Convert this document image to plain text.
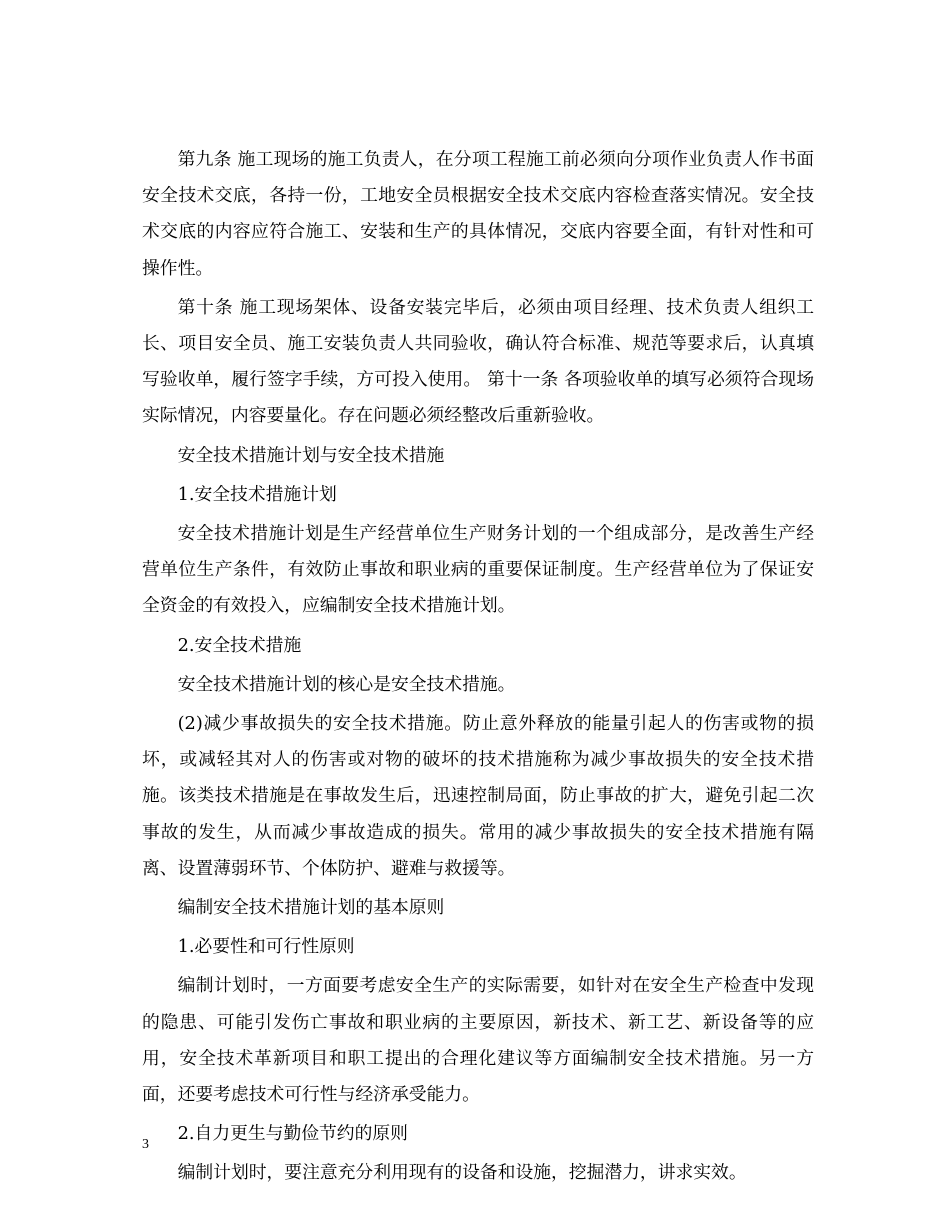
第九条 施工现场的施工负责人，在分项工程施工前必须向分项作业负责人作书面安全技术交底，各持一份，工地安全员根据安全技术交底内容检查落实情况。安全技术交底的内容应符合施工、安装和生产的具体情况，交底内容要全面，有针对性和可操作性。

第十条 施工现场架体、设备安装完毕后，必须由项目经理、技术负责人组织工长、项目安全员、施工安装负责人共同验收，确认符合标准、规范等要求后，认真填写验收单，履行签字手续，方可投入使用。 第十一条 各项验收单的填写必须符合现场实际情况，内容要量化。存在问题必须经整改后重新验收。

安全技术措施计划与安全技术措施

1.安全技术措施计划

安全技术措施计划是生产经营单位生产财务计划的一个组成部分，是改善生产经营单位生产条件，有效防止事故和职业病的重要保证制度。生产经营单位为了保证安全资金的有效投入，应编制安全技术措施计划。

2.安全技术措施

安全技术措施计划的核心是安全技术措施。

(2)减少事故损失的安全技术措施。防止意外释放的能量引起人的伤害或物的损坏，或减轻其对人的伤害或对物的破坏的技术措施称为减少事故损失的安全技术措施。该类技术措施是在事故发生后，迅速控制局面，防止事故的扩大，避免引起二次事故的发生，从而减少事故造成的损失。常用的减少事故损失的安全技术措施有隔离、设置薄弱环节、个体防护、避难与救援等。

编制安全技术措施计划的基本原则

1.必要性和可行性原则

编制计划时，一方面要考虑安全生产的实际需要，如针对在安全生产检查中发现的隐患、可能引发伤亡事故和职业病的主要原因，新技术、新工艺、新设备等的应用，安全技术革新项目和职工提出的合理化建议等方面编制安全技术措施。另一方面，还要考虑技术可行性与经济承受能力。

2.自力更生与勤俭节约的原则

编制计划时，要注意充分利用现有的设备和设施，挖掘潜力，讲求实效。

3
